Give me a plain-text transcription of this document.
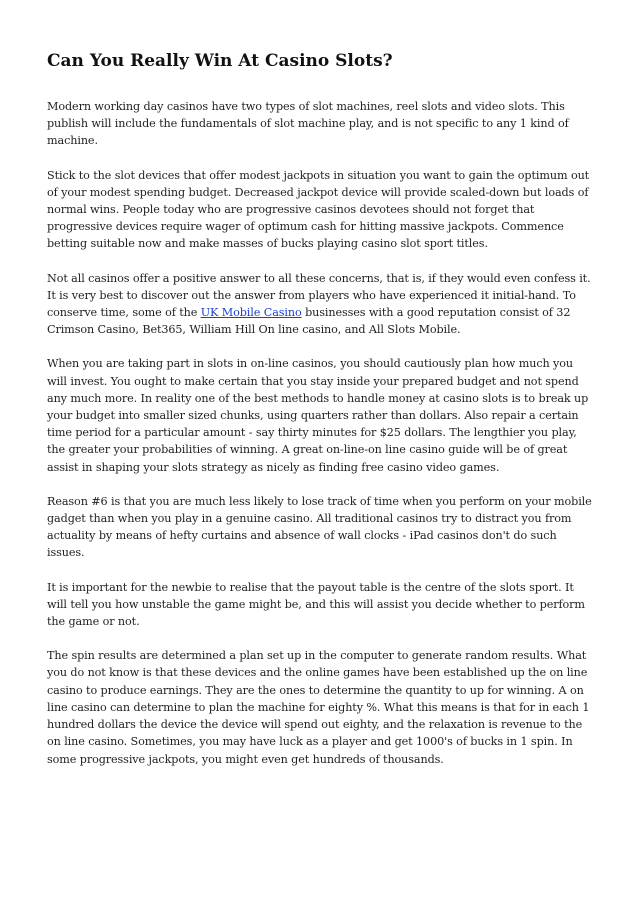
Can You Really Win At Casino Slots?

Modern working day casinos have two types of slot machines, reel slots and video slots. This publish will include the fundamentals of slot machine play, and is not specific to any 1 kind of machine.

Stick to the slot devices that offer modest jackpots in situation you want to gain the optimum out of your modest spending budget. Decreased jackpot device will provide scaled-down but loads of normal wins. People today who are progressive casinos devotees should not forget that progressive devices require wager of optimum cash for hitting massive jackpots. Commence betting suitable now and make masses of bucks playing casino slot sport titles.

Not all casinos offer a positive answer to all these concerns, that is, if they would even confess it. It is very best to discover out the answer from players who have experienced it initial-hand. To conserve time, some of the UK Mobile Casino businesses with a good reputation consist of 32 Crimson Casino, Bet365, William Hill On line casino, and All Slots Mobile.

When you are taking part in slots in on-line casinos, you should cautiously plan how much you will invest. You ought to make certain that you stay inside your prepared budget and not spend any much more. In reality one of the best methods to handle money at casino slots is to break up your budget into smaller sized chunks, using quarters rather than dollars. Also repair a certain time period for a particular amount - say thirty minutes for $25 dollars. The lengthier you play, the greater your probabilities of winning. A great on-line-on line casino guide will be of great assist in shaping your slots strategy as nicely as finding free casino video games.

Reason #6 is that you are much less likely to lose track of time when you perform on your mobile gadget than when you play in a genuine casino. All traditional casinos try to distract you from actuality by means of hefty curtains and absence of wall clocks - iPad casinos don't do such issues.

It is important for the newbie to realise that the payout table is the centre of the slots sport. It will tell you how unstable the game might be, and this will assist you decide whether to perform the game or not.

The spin results are determined a plan set up in the computer to generate random results. What you do not know is that these devices and the online games have been established up the on line casino to produce earnings. They are the ones to determine the quantity to up for winning. A on line casino can determine to plan the machine for eighty %. What this means is that for in each 1 hundred dollars the device the device will spend out eighty, and the relaxation is revenue to the on line casino. Sometimes, you may have luck as a player and get 1000's of bucks in 1 spin. In some progressive jackpots, you might even get hundreds of thousands.
